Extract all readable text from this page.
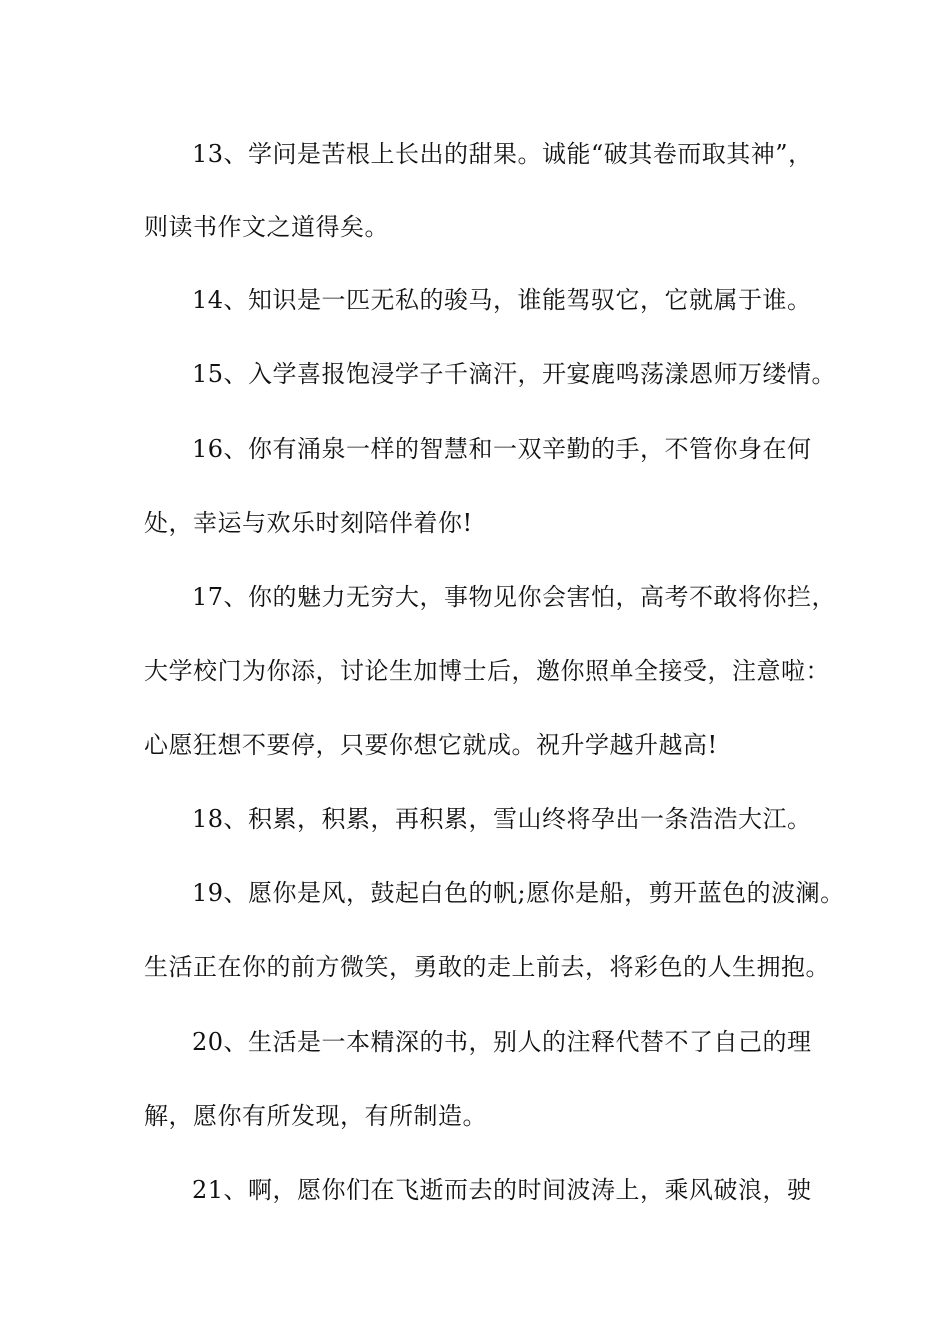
13、学问是苦根上长出的甜果。诚能“破其卷而取其神”，
则读书作文之道得矣。
14、知识是一匹无私的骏马，谁能驾驭它，它就属于谁。
15、入学喜报饱浸学子千滴汗，开宴鹿鸣荡漾恩师万缕情。
16、你有涌泉一样的智慧和一双辛勤的手，不管你身在何
处，幸运与欢乐时刻陪伴着你!
17、你的魅力无穷大，事物见你会害怕，高考不敢将你拦，
大学校门为你添，讨论生加博士后，邀你照单全接受，注意啦：
心愿狂想不要停，只要你想它就成。祝升学越升越高!
18、积累，积累，再积累，雪山终将孕出一条浩浩大江。
19、愿你是风，鼓起白色的帆;愿你是船，剪开蓝色的波澜。
生活正在你的前方微笑，勇敢的走上前去，将彩色的人生拥抱。
20、生活是一本精深的书，别人的注释代替不了自己的理
解，愿你有所发现，有所制造。
21、啊，愿你们在飞逝而去的时间波涛上，乘风破浪，驶
